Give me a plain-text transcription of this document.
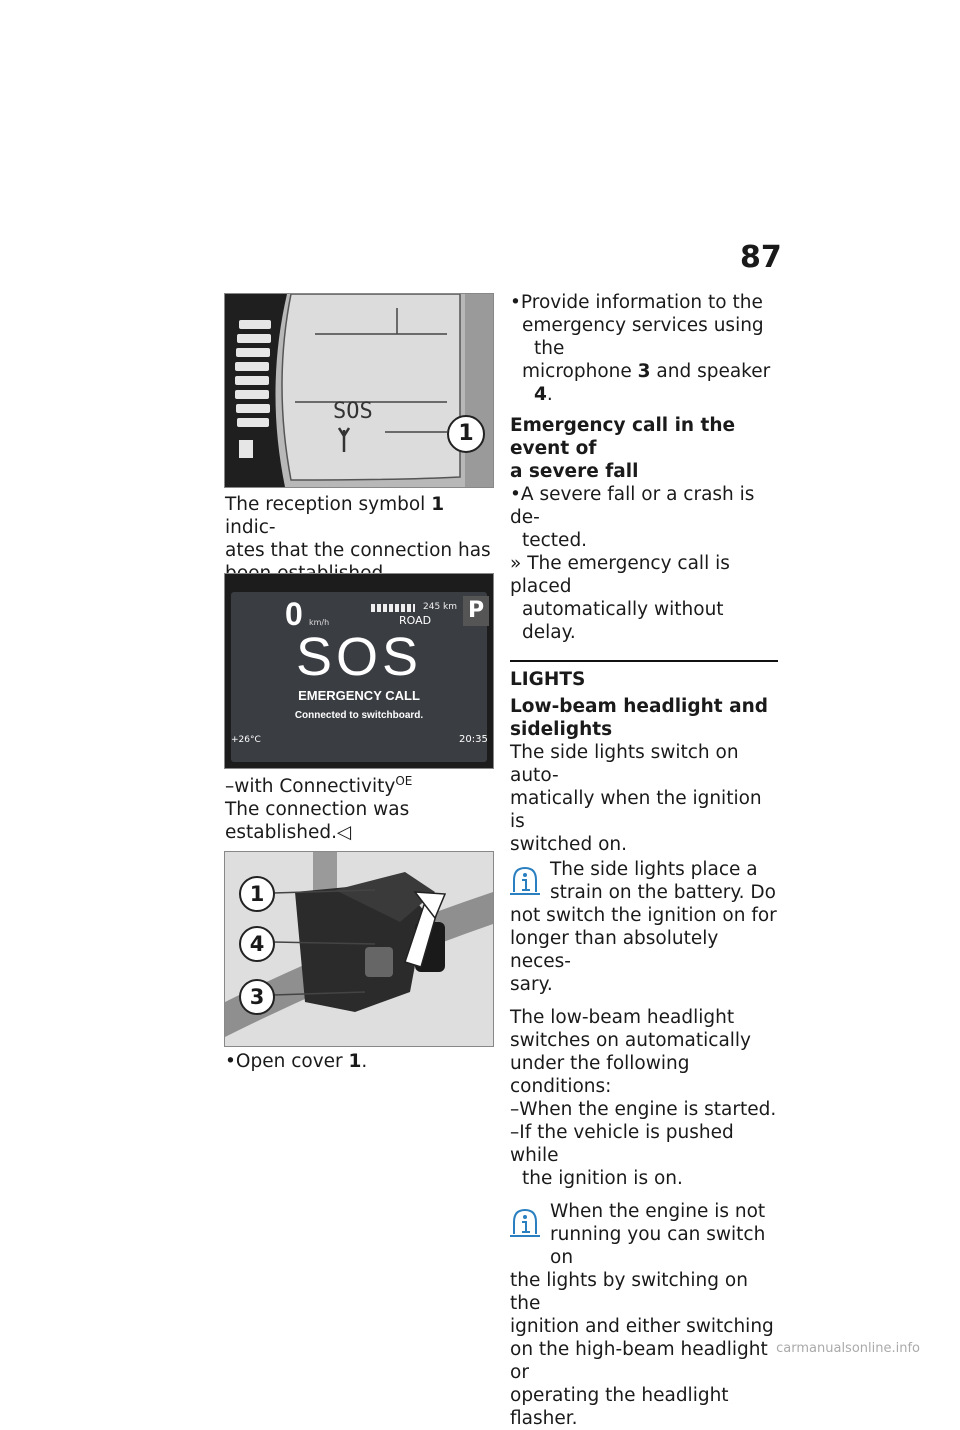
87
SOS
1
The reception symbol 1 indic-
ates that the connection has
0 km/h
245 km
ROAD P
SOS
EMERGENCY CALL
Connected to switchboard.
+26°C	20:35
–with Connectivity$^{OE}$
The connection was
established.◁
1
4
3
•Open cover 1.
•Provide information to the
emergency services using the
microphone 3 and speaker 4.
Emergency call in the event of
a severe fall
•A severe fall or a crash is de-
tected.
» The emergency call is placed
automatically without delay.
LIGHTS
Low-beam headlight and
sidelights
The side lights switch on auto-
matically when the ignition is
switched on.
The side lights place a
strain on the battery. Do
not switch the ignition on for
longer than absolutely neces-
sary.
The low-beam headlight
switches on automatically
under the following conditions:
–When the engine is started.
–If the vehicle is pushed while
the ignition is on.
When the engine is not
running you can switch on
the lights by switching on the
ignition and either switching
on the high-beam headlight or
operating the headlight flasher.
carmanualsonline.info
